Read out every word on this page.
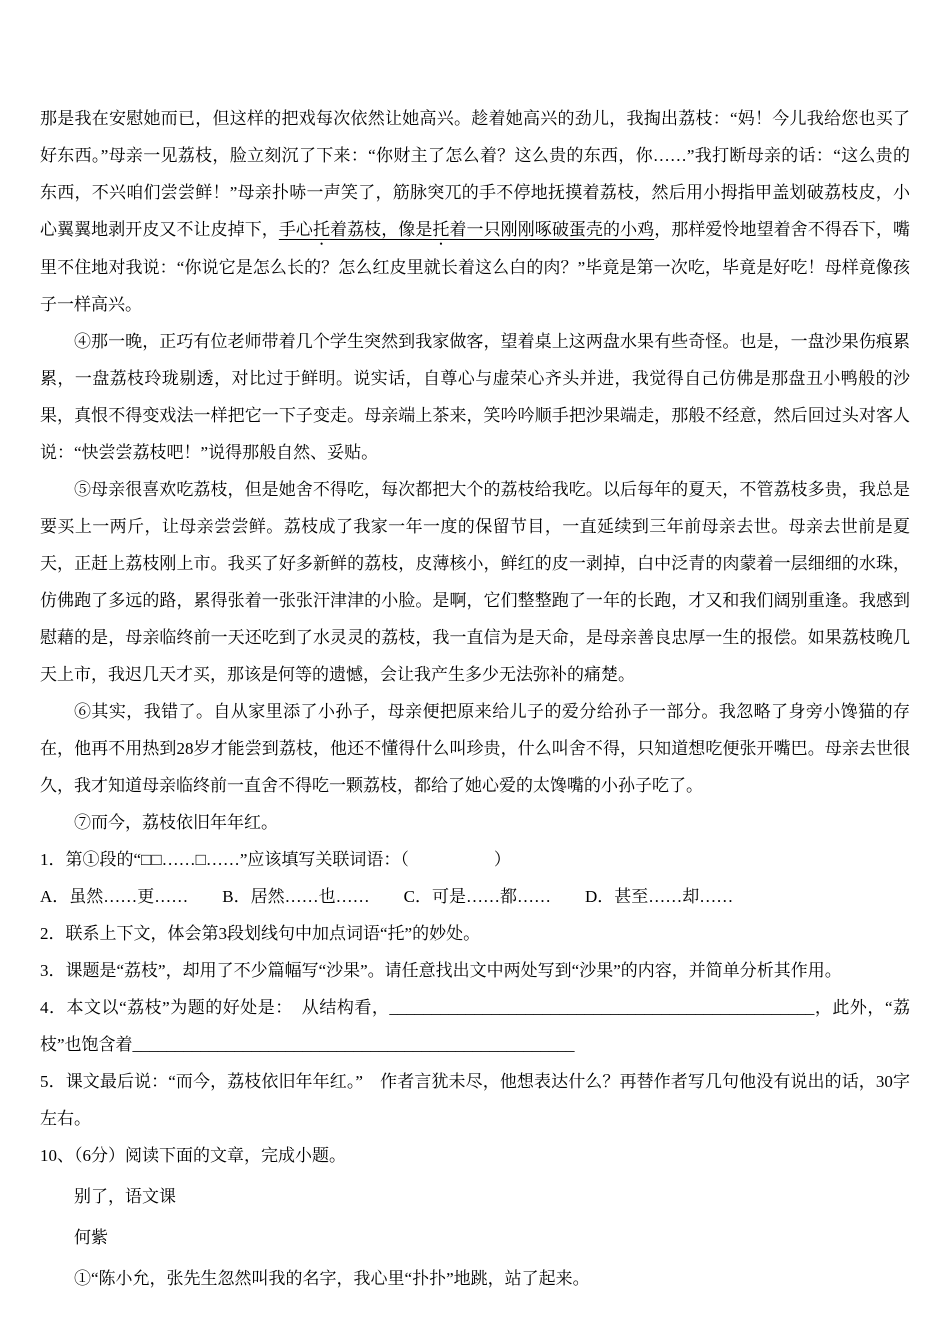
那是我在安慰她而已，但这样的把戏每次依然让她高兴。趁着她高兴的劲儿，我掏出荔枝：“妈！今儿我给您也买了好东西。”母亲一见荔枝，脸立刻沉了下来：“你财主了怎么着？这么贵的东西，你……”我打断母亲的话：“这么贵的东西，不兴咱们尝尝鲜！”母亲扑哧一声笑了，筋脉突兀的手不停地抚摸着荔枝，然后用小拇指甲盖划破荔枝皮，小心翼翼地剥开皮又不让皮掉下，手心托着荔枝，像是托着一只刚刚啄破蛋壳的小鸡，那样爱怜地望着舍不得吞下，嘴里不住地对我说：“你说它是怎么长的？怎么红皮里就长着这么白的肉？”毕竟是第一次吃，毕竟是好吃！母样竟像孩子一样高兴。

④那一晚，正巧有位老师带着几个学生突然到我家做客，望着桌上这两盘水果有些奇怪。也是，一盘沙果伤痕累累，一盘荔枝玲珑剔透，对比过于鲜明。说实话，自尊心与虚荣心齐头并进，我觉得自己仿佛是那盘丑小鸭般的沙果，真恨不得变戏法一样把它一下子变走。母亲端上茶来，笑吟吟顺手把沙果端走，那般不经意，然后回过头对客人说：“快尝尝荔枝吧！”说得那般自然、妥贴。

⑤母亲很喜欢吃荔枝，但是她舍不得吃，每次都把大个的荔枝给我吃。以后每年的夏天，不管荔枝多贵，我总是要买上一两斤，让母亲尝尝鲜。荔枝成了我家一年一度的保留节目，一直延续到三年前母亲去世。母亲去世前是夏天，正赶上荔枝刚上市。我买了好多新鲜的荔枝，皮薄核小，鲜红的皮一剥掉，白中泛青的肉蒙着一层细细的水珠，仿佛跑了多远的路，累得张着一张张汗津津的小脸。是啊，它们整整跑了一年的长跑，才又和我们阔别重逢。我感到慰藉的是，母亲临终前一天还吃到了水灵灵的荔枝，我一直信为是天命，是母亲善良忠厚一生的报偿。如果荔枝晚几天上市，我迟几天才买，那该是何等的遗憾，会让我产生多少无法弥补的痛楚。

⑥其实，我错了。自从家里添了小孙子，母亲便把原来给儿子的爱分给孙子一部分。我忽略了身旁小馋猫的存在，他再不用热到28岁才能尝到荔枝，他还不懂得什么叫珍贵，什么叫舍不得，只知道想吃便张开嘴巴。母亲去世很久，我才知道母亲临终前一直舍不得吃一颗荔枝，都给了她心爱的太馋嘴的小孙子吃了。

⑦而今，荔枝依旧年年红。

1．第①段的“□□……□……”应该填写关联词语：（　　　　　）

A．虽然……更……　　B．居然……也……　　C．可是……都……　　D．甚至……却……

2．联系上下文，体会第3段划线句中加点词语“托”的妙处。

3．课题是“荔枝”，却用了不少篇幅写“沙果”。请任意找出文中两处写到“沙果”的内容，并简单分析其作用。

4．本文以“荔枝”为题的好处是：　从结构看，__________________________________________________，此外，“荔枝”也饱含着____________________________________________________

5．课文最后说：“而今，荔枝依旧年年红。”　作者言犹未尽，他想表达什么？再替作者写几句他没有说出的话，30字左右。

10、（6分）阅读下面的文章，完成小题。

别了，语文课

何紫

①“陈小允，张先生忽然叫我的名字，我心里“扑扑”地跳，站了起来。
